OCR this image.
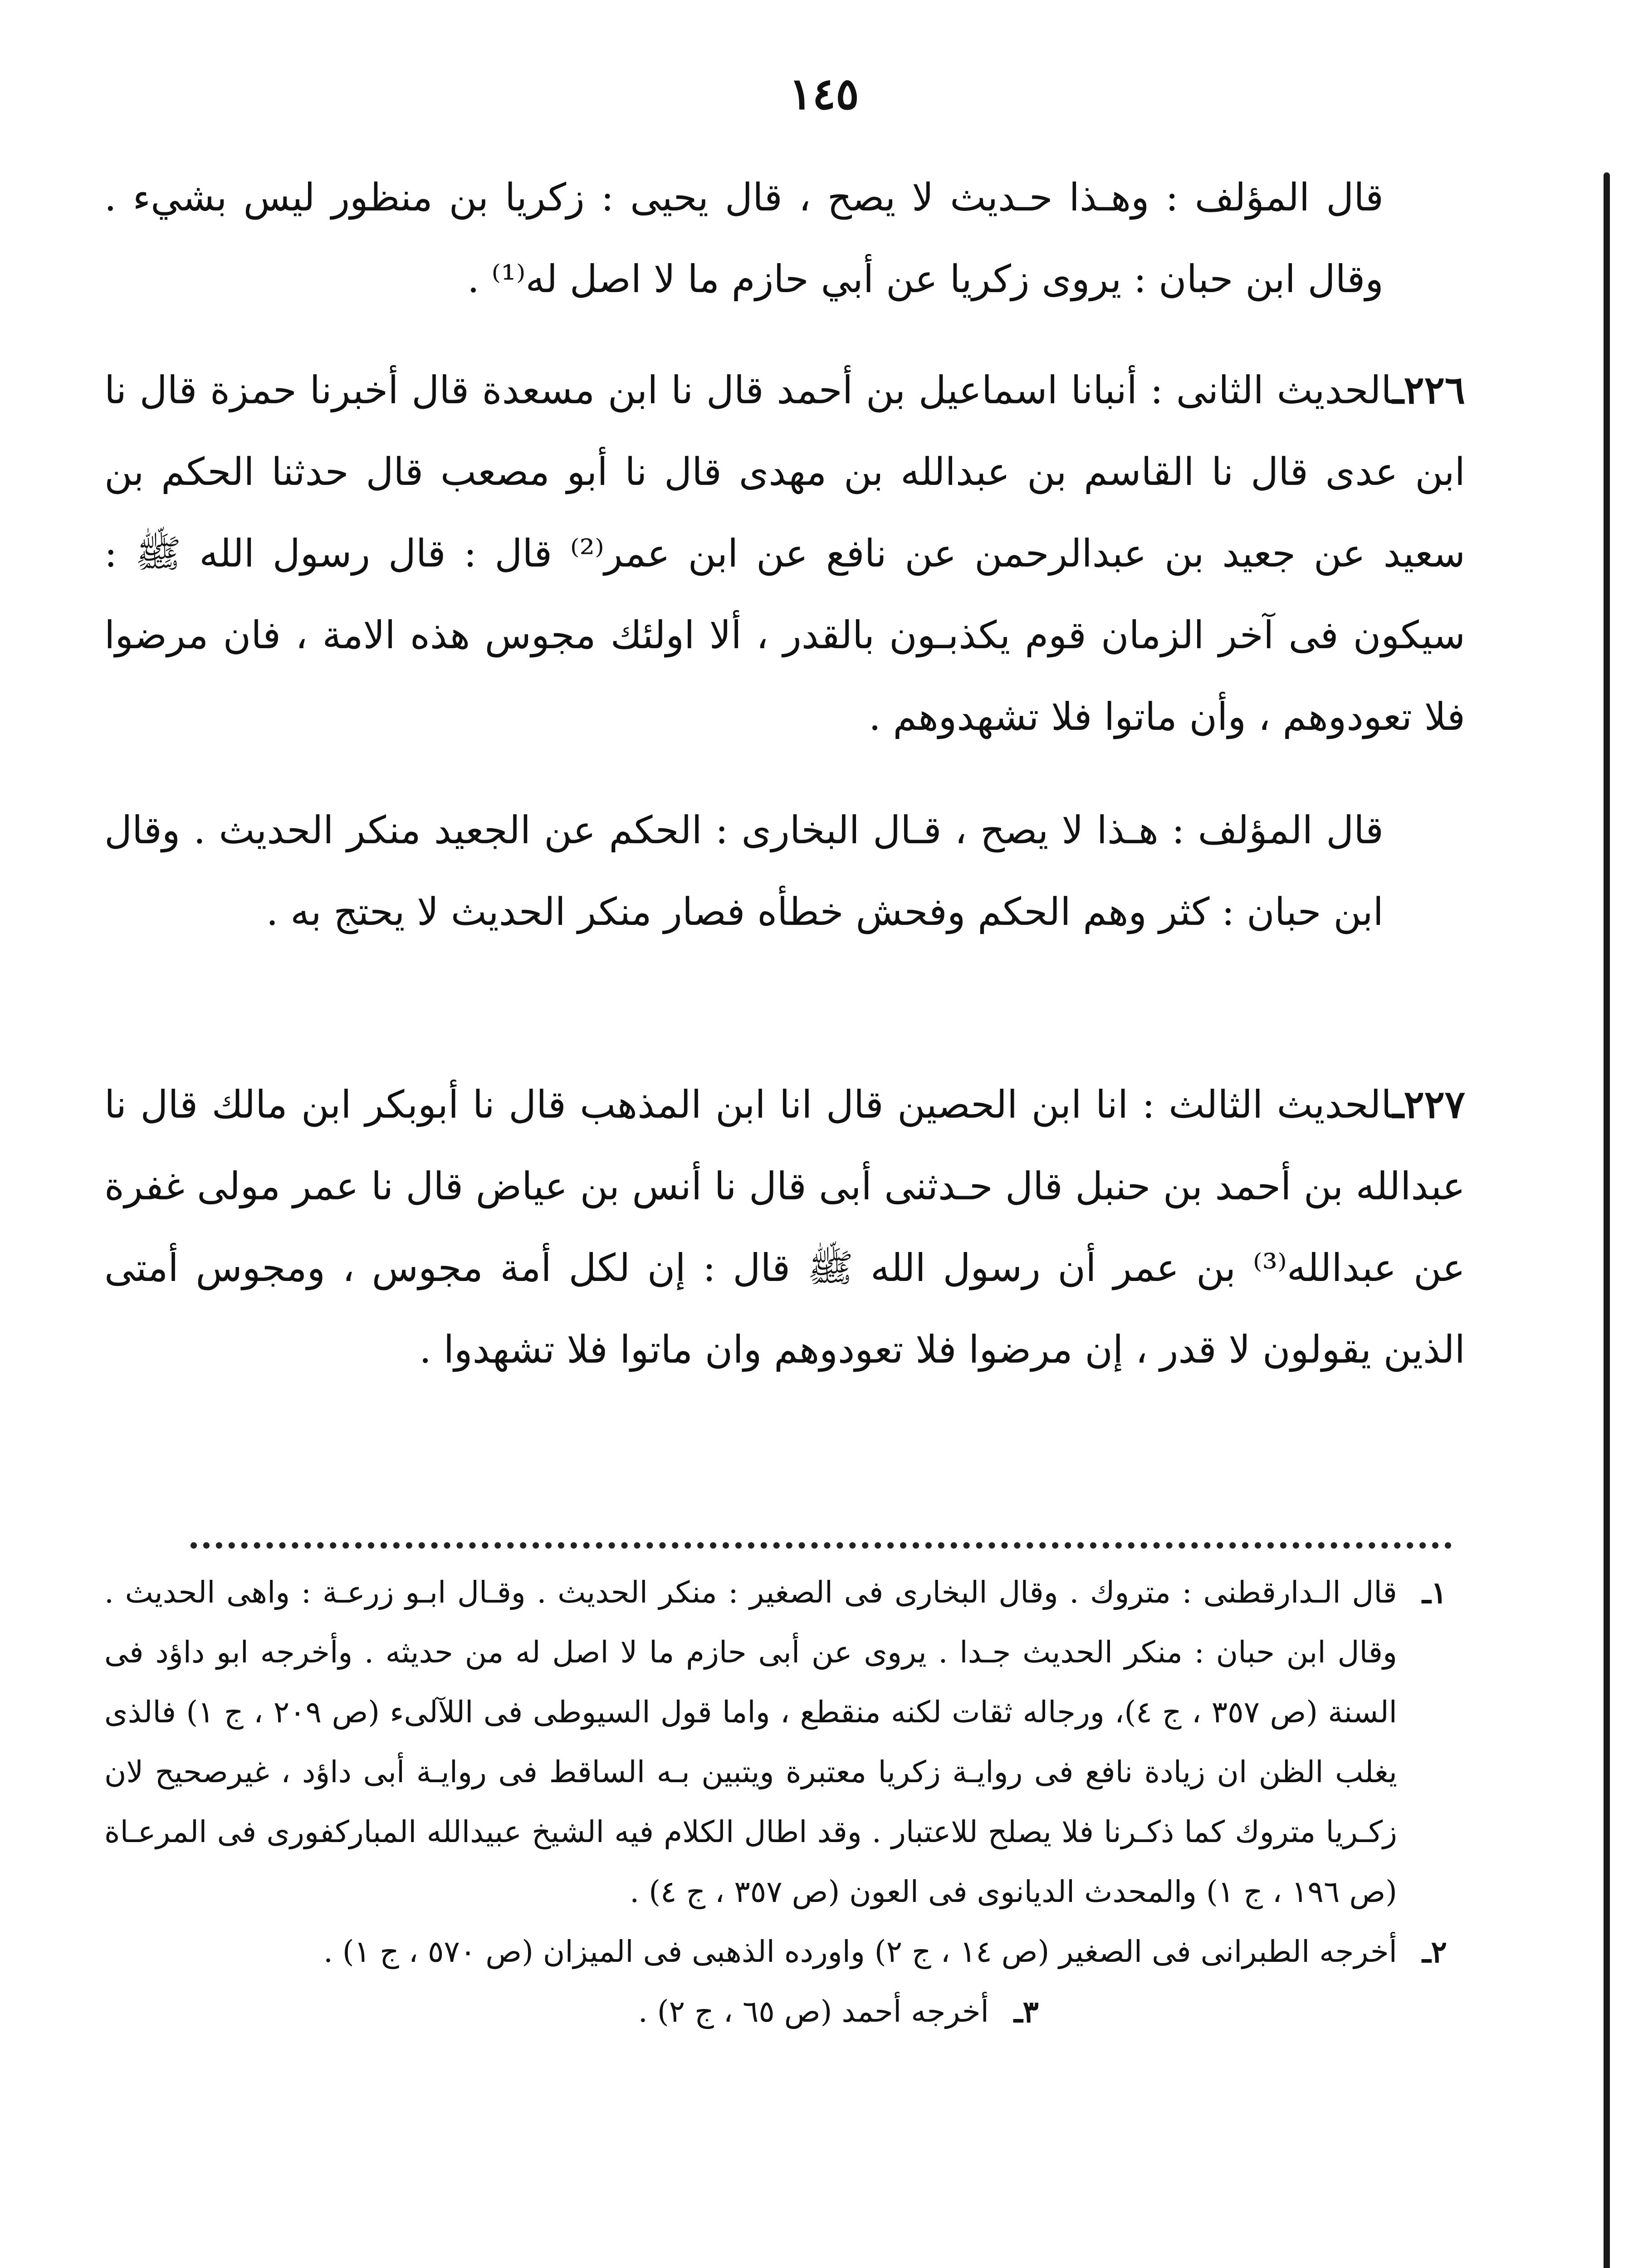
١٤٥

قال المؤلف : وهـذا حـديث لا يصح ، قال يحيى : زكريا بن منظور ليس بشيء . وقال ابن حبان : يروى زكريا عن أبي حازم ما لا اصل له⁽¹⁾ .

٢٢٦ـالحديث الثانى : أنبانا اسماعيل بن أحمد قال نا ابن مسعدة قال أخبرنا حمزة قال نا ابن عدى قال نا القاسم بن عبدالله بن مهدى قال نا أبو مصعب قال حدثنا الحكم بن سعيد عن جعيد بن عبدالرحمن عن نافع عن ابن عمر⁽²⁾ قال : قال رسول الله ﷺ : سيكون فى آخر الزمان قوم يكذبـون بالقدر ، ألا اولئك مجوس هذه الامة ، فان مرضوا فلا تعودوهم ، وأن ماتوا فلا تشهدوهم .

قال المؤلف : هـذا لا يصح ، قـال البخارى : الحكم عن الجعيد منكر الحديث . وقال ابن حبان : كثر وهم الحكم وفحش خطأه فصار منكر الحديث لا يحتج به .

٢٢٧ـالحديث الثالث : انا ابن الحصين قال انا ابن المذهب قال نا أبوبكر ابن مالك قال نا عبدالله بن أحمد بن حنبل قال حـدثنى أبى قال نا أنس بن عياض قال نا عمر مولى غفرة عن عبدالله⁽³⁾ بن عمر أن رسول الله ﷺ قال : إن لكل أمة مجوس ، ومجوس أمتى الذين يقولون لا قدر ، إن مرضوا فلا تعودوهم وان ماتوا فلا تشهدوا .

١ـ
قال الـدارقطنى : متروك . وقال البخارى فى الصغير : منكر الحديث . وقـال ابـو زرعـة : واهى الحديث . وقال ابن حبان : منكر الحديث جـدا . يروى عن أبى حازم ما لا اصل له من حديثه . وأخرجه ابو داؤد فى السنة (ص ٣٥٧ ، ج ٤)، ورجاله ثقات لكنه منقطع ، واما قول السيوطى فى اللآلىء (ص ٢٠٩ ، ج ١) فالذى يغلب الظن ان زيادة نافع فى روايـة زكريا معتبرة ويتبين بـه الساقط فى روايـة أبى داؤد ، غيرصحيح لان زكـريا متروك كما ذكـرنا فلا يصلح للاعتبار . وقد اطال الكلام فيه الشيخ عبيدالله المباركفورى فى المرعـاة (ص ١٩٦ ، ج ١) والمحدث الديانوى فى العون (ص ٣٥٧ ، ج ٤) .
٢ـ
أخرجه الطبرانى فى الصغير (ص ١٤ ، ج ٢) واورده الذهبى فى الميزان (ص ٥٧٠ ، ج ١) .
٣ـ
أخرجه أحمد (ص ٦٥ ، ج ٢) .
